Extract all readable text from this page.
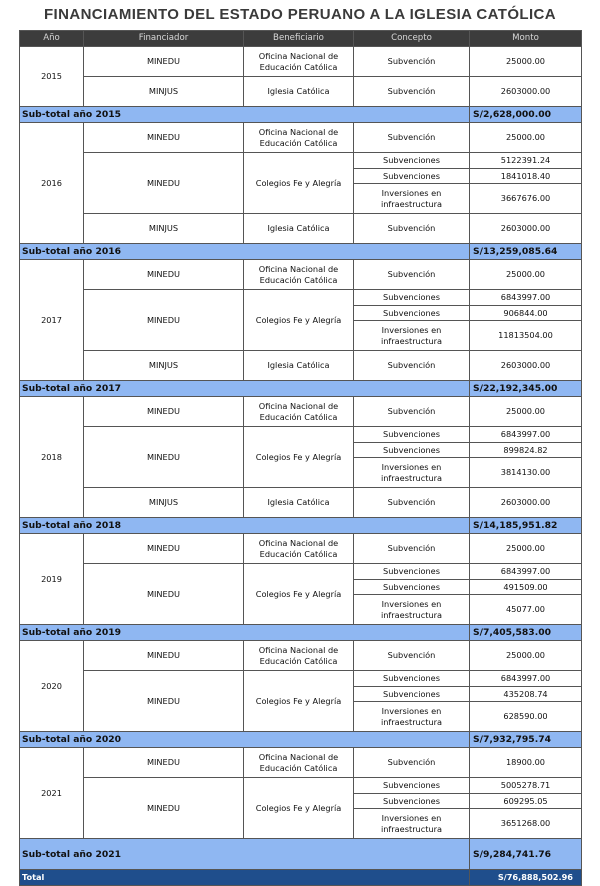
FINANCIAMIENTO DEL ESTADO PERUANO A LA IGLESIA CATÓLICA
Año	Financiador	Beneficiario	Concepto	Monto
2015	MINEDU	Oficina Nacional de Educación Católica	Subvención	25000.00
	MINJUS	Iglesia Católica	Subvención	2603000.00
Sub-total año 2015				S/2,628,000.00
2016	MINEDU	Oficina Nacional de Educación Católica	Subvención	25000.00
	MINEDU	Colegios Fe y Alegría	Subvenciones	5122391.24
			Subvenciones	1841018.40
			Inversiones en infraestructura	3667676.00
	MINJUS	Iglesia Católica	Subvención	2603000.00
Sub-total año 2016				S/13,259,085.64
2017	MINEDU	Oficina Nacional de Educación Católica	Subvención	25000.00
	MINEDU	Colegios Fe y Alegría	Subvenciones	6843997.00
			Subvenciones	906844.00
			Inversiones en infraestructura	11813504.00
	MINJUS	Iglesia Católica	Subvención	2603000.00
Sub-total año 2017				S/22,192,345.00
2018	MINEDU	Oficina Nacional de Educación Católica	Subvención	25000.00
	MINEDU	Colegios Fe y Alegría	Subvenciones	6843997.00
			Subvenciones	899824.82
			Inversiones en infraestructura	3814130.00
	MINJUS	Iglesia Católica	Subvención	2603000.00
Sub-total año 2018				S/14,185,951.82
2019	MINEDU	Oficina Nacional de Educación Católica	Subvención	25000.00
	MINEDU	Colegios Fe y Alegría	Subvenciones	6843997.00
			Subvenciones	491509.00
			Inversiones en infraestructura	45077.00
Sub-total año 2019				S/7,405,583.00
2020	MINEDU	Oficina Nacional de Educación Católica	Subvención	25000.00
	MINEDU	Colegios Fe y Alegría	Subvenciones	6843997.00
			Subvenciones	435208.74
			Inversiones en infraestructura	628590.00
Sub-total año 2020				S/7,932,795.74
2021	MINEDU	Oficina Nacional de Educación Católica	Subvención	18900.00
	MINEDU	Colegios Fe y Alegría	Subvenciones	5005278.71
			Subvenciones	609295.05
			Inversiones en infraestructura	3651268.00
Sub-total año 2021				S/9,284,741.76
Total				S/76,888,502.96
